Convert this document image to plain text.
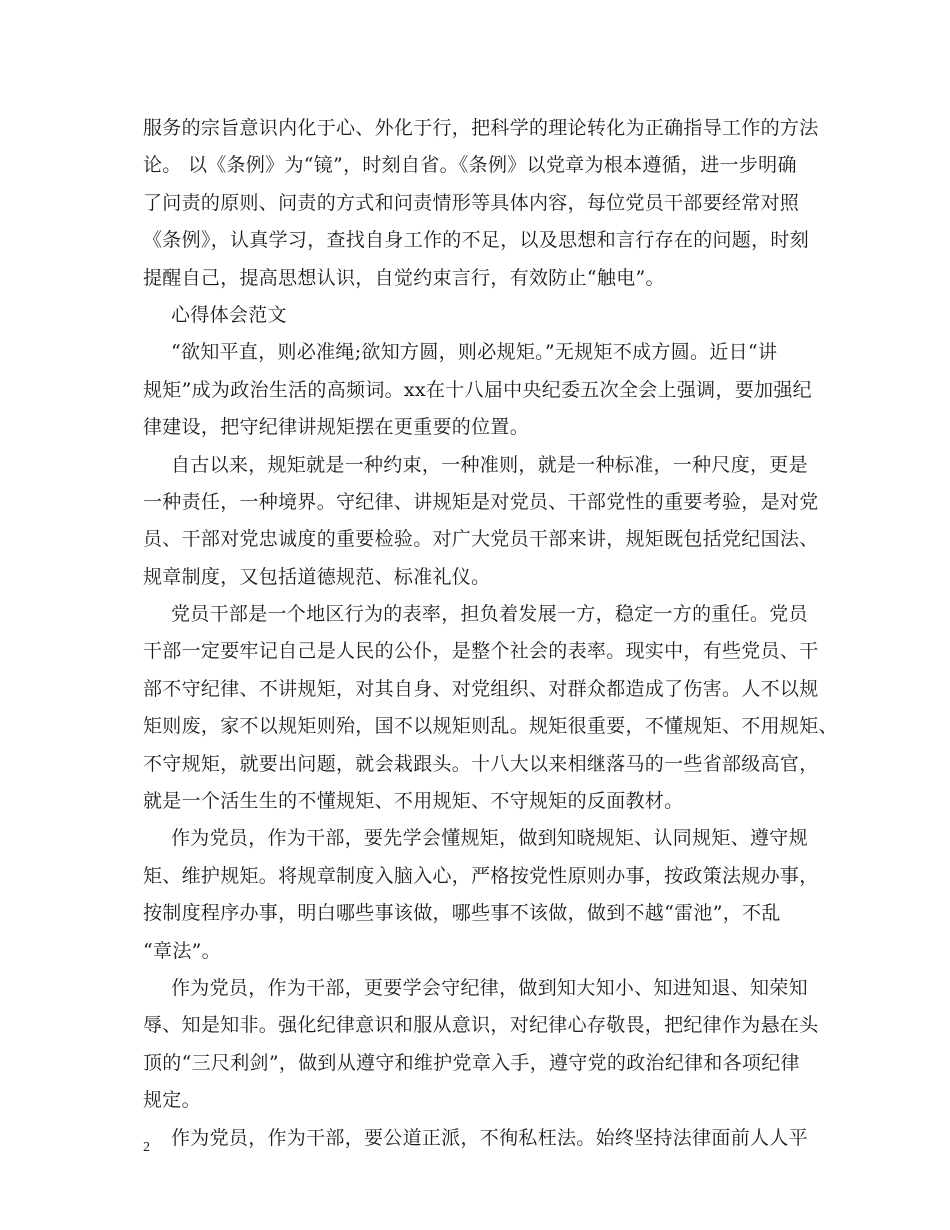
服务的宗旨意识内化于心、外化于行，把科学的理论转化为正确指导工作的方法
论。 以《条例》为“镜”，时刻自省。《条例》以党章为根本遵循，进一步明确
了问责的原则、问责的方式和问责情形等具体内容，每位党员干部要经常对照
《条例》，认真学习，查找自身工作的不足，以及思想和言行存在的问题，时刻
提醒自己，提高思想认识，自觉约束言行，有效防止“触电”。
心得体会范文
“欲知平直，则必准绳;欲知方圆，则必规矩。”无规矩不成方圆。近日“讲
规矩”成为政治生活的高频词。xx在十八届中央纪委五次全会上强调，要加强纪
律建设，把守纪律讲规矩摆在更重要的位置。
自古以来，规矩就是一种约束，一种准则，就是一种标准，一种尺度，更是
一种责任，一种境界。守纪律、讲规矩是对党员、干部党性的重要考验，是对党
员、干部对党忠诚度的重要检验。对广大党员干部来讲，规矩既包括党纪国法、
规章制度，又包括道德规范、标准礼仪。
党员干部是一个地区行为的表率，担负着发展一方，稳定一方的重任。党员
干部一定要牢记自己是人民的公仆，是整个社会的表率。现实中，有些党员、干
部不守纪律、不讲规矩，对其自身、对党组织、对群众都造成了伤害。人不以规
矩则废，家不以规矩则殆，国不以规矩则乱。规矩很重要，不懂规矩、不用规矩、
不守规矩，就要出问题，就会栽跟头。十八大以来相继落马的一些省部级高官，
就是一个活生生的不懂规矩、不用规矩、不守规矩的反面教材。
作为党员，作为干部，要先学会懂规矩，做到知晓规矩、认同规矩、遵守规
矩、维护规矩。将规章制度入脑入心，严格按党性原则办事，按政策法规办事，
按制度程序办事，明白哪些事该做，哪些事不该做，做到不越“雷池”，不乱
“章法”。
作为党员，作为干部，更要学会守纪律，做到知大知小、知进知退、知荣知
辱、知是知非。强化纪律意识和服从意识，对纪律心存敬畏，把纪律作为悬在头
顶的“三尺利剑”，做到从遵守和维护党章入手，遵守党的政治纪律和各项纪律
规定。
作为党员，作为干部，要公道正派，不徇私枉法。始终坚持法律面前人人平
2
